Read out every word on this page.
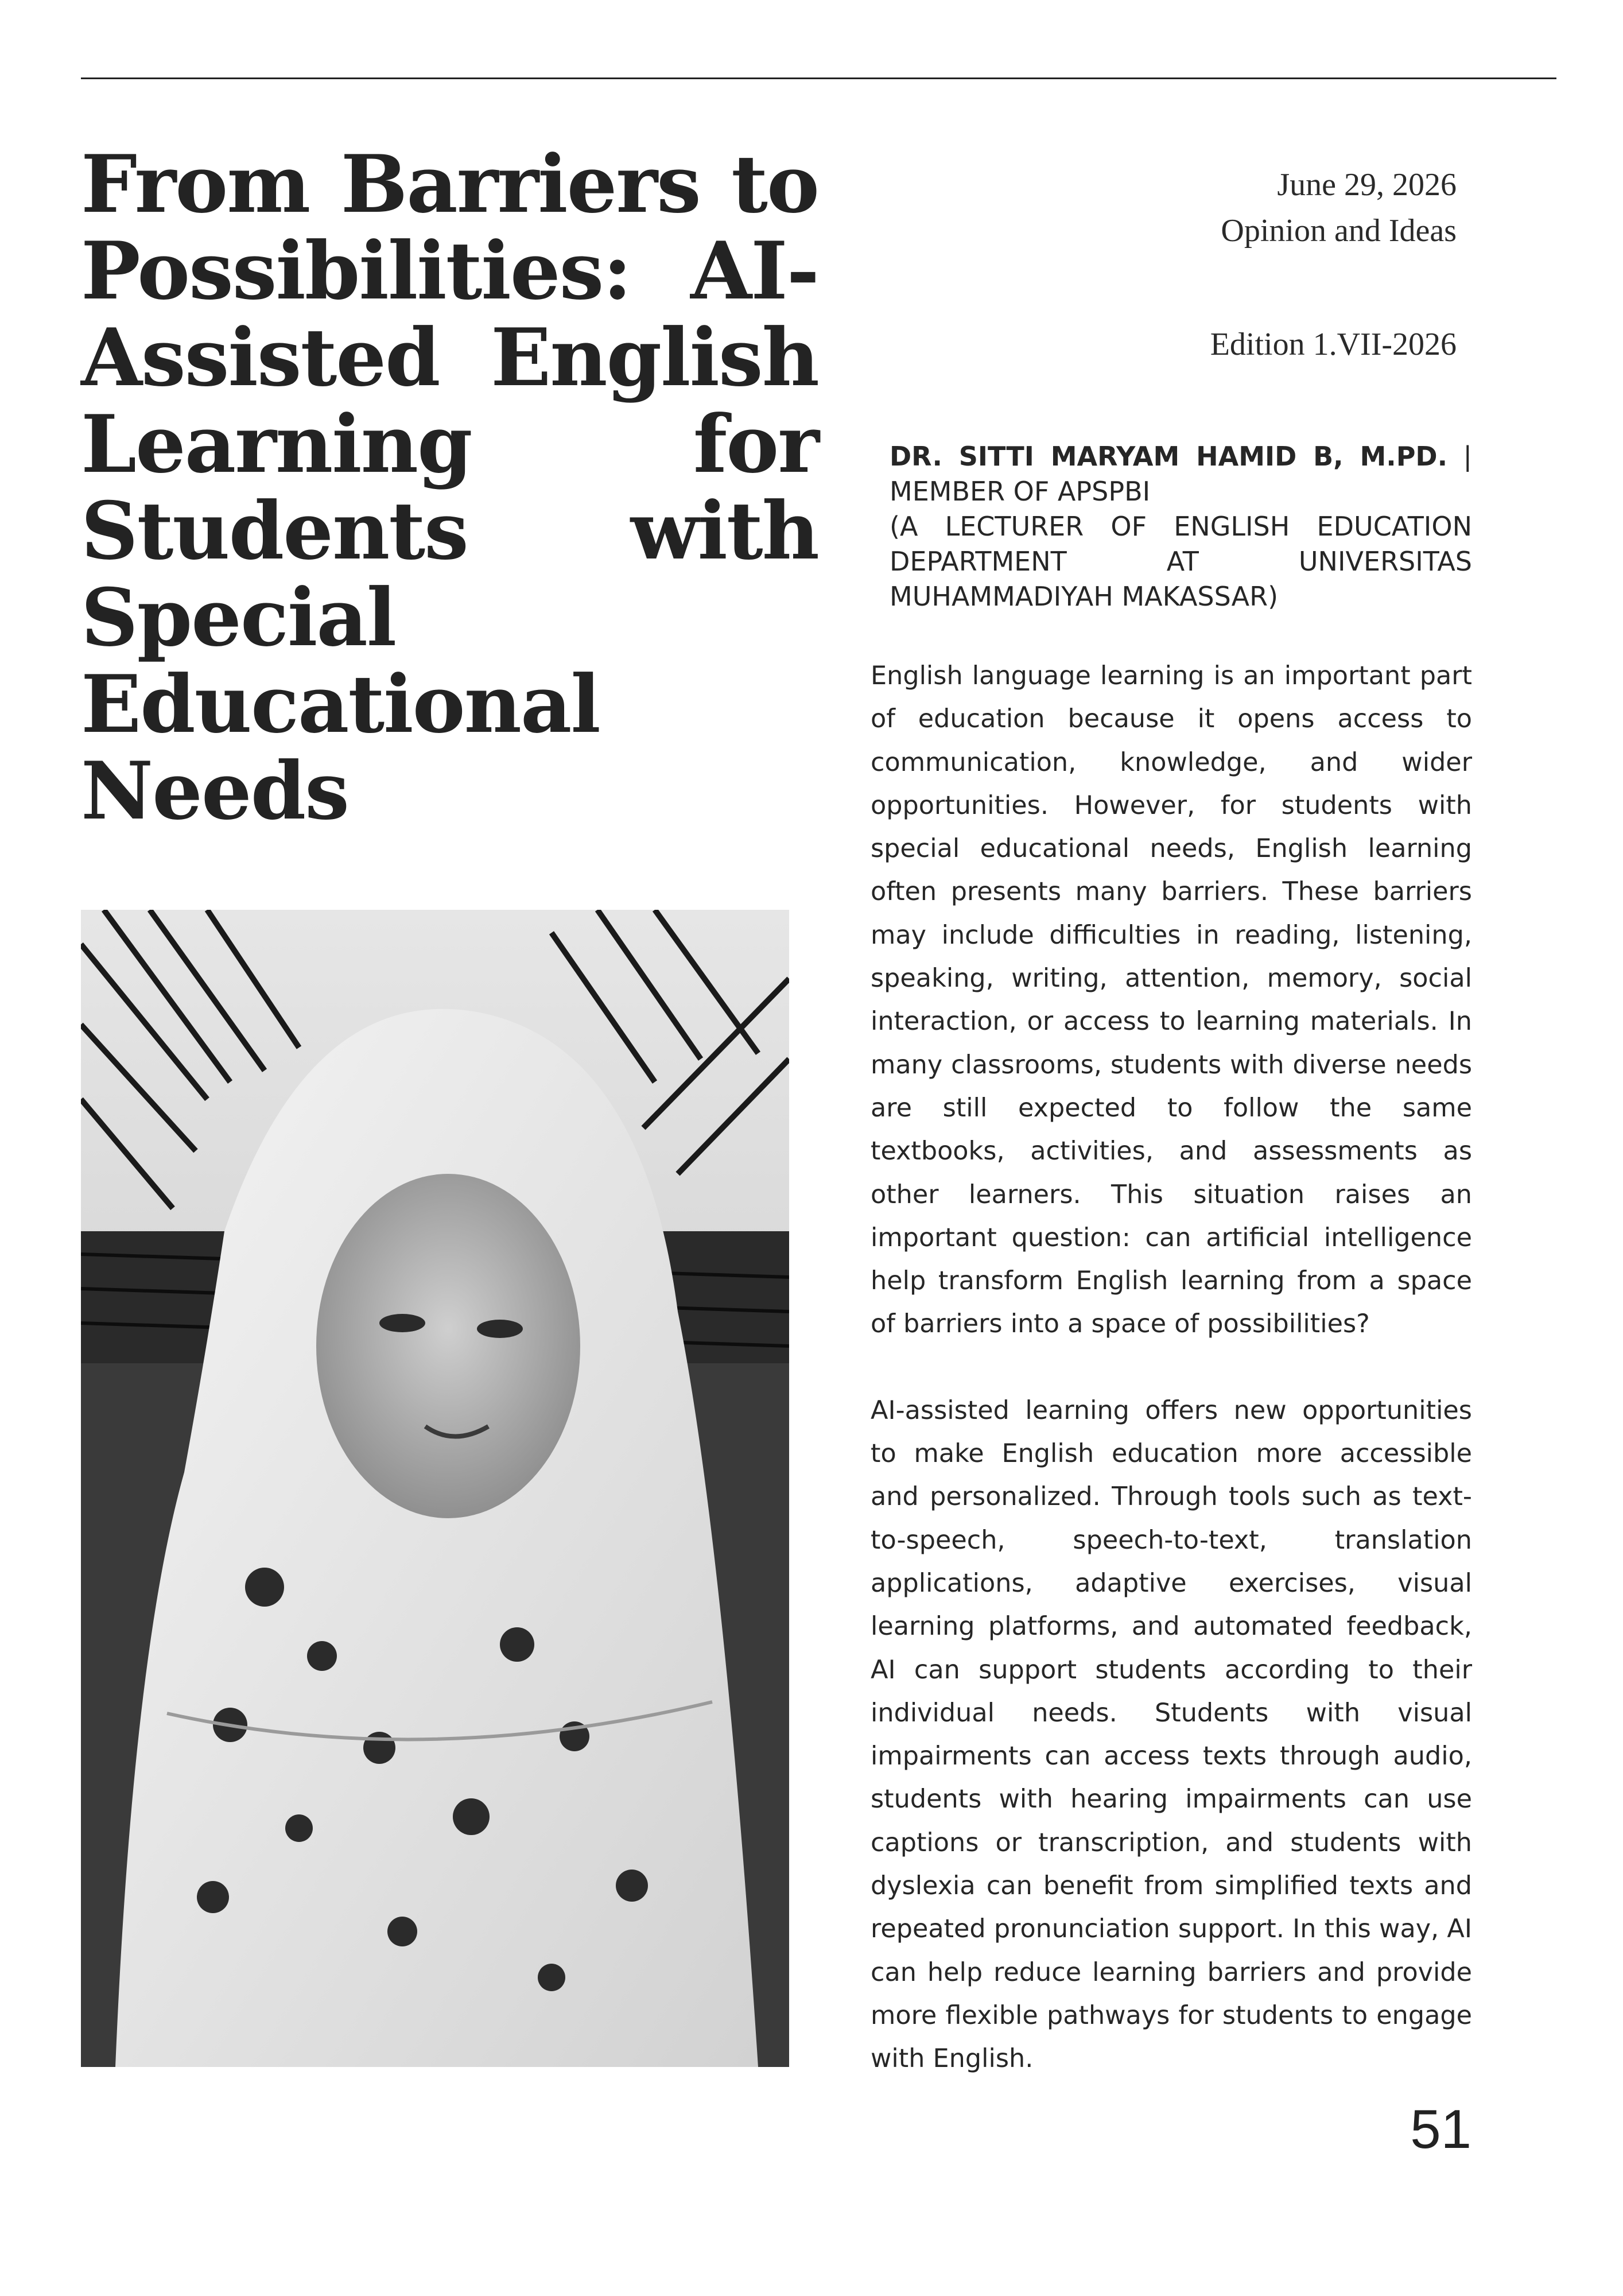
From Barriers to Possibilities: AI-Assisted English Learning for Students with Special Educational Needs
June 29, 2026
Opinion and Ideas
Edition 1.VII-2026
DR. SITTI MARYAM HAMID B, M.PD. |
MEMBER OF APSPBI
(A LECTURER OF ENGLISH EDUCATION
DEPARTMENT AT UNIVERSITAS
MUHAMMADIYAH MAKASSAR)

English language learning is an important part of education because it opens access to communication, knowledge, and wider opportunities. However, for students with special educational needs, English learning often presents many barriers. These barriers may include difficulties in reading, listening, speaking, writing, attention, memory, social interaction, or access to learning materials. In many classrooms, students with diverse needs are still expected to follow the same textbooks, activities, and assessments as other learners. This situation raises an important question: can artificial intelligence help transform English learning from a space of barriers into a space of possibilities?

AI-assisted learning offers new opportunities to make English education more accessible and personalized. Through tools such as text-to-speech, speech-to-text, translation applications, adaptive exercises, visual learning platforms, and automated feedback, AI can support students according to their individual needs. Students with visual impairments can access texts through audio, students with hearing impairments can use captions or transcription, and students with dyslexia can benefit from simplified texts and repeated pronunciation support. In this way, AI can help reduce learning barriers and provide more flexible pathways for students to engage with English.

51
